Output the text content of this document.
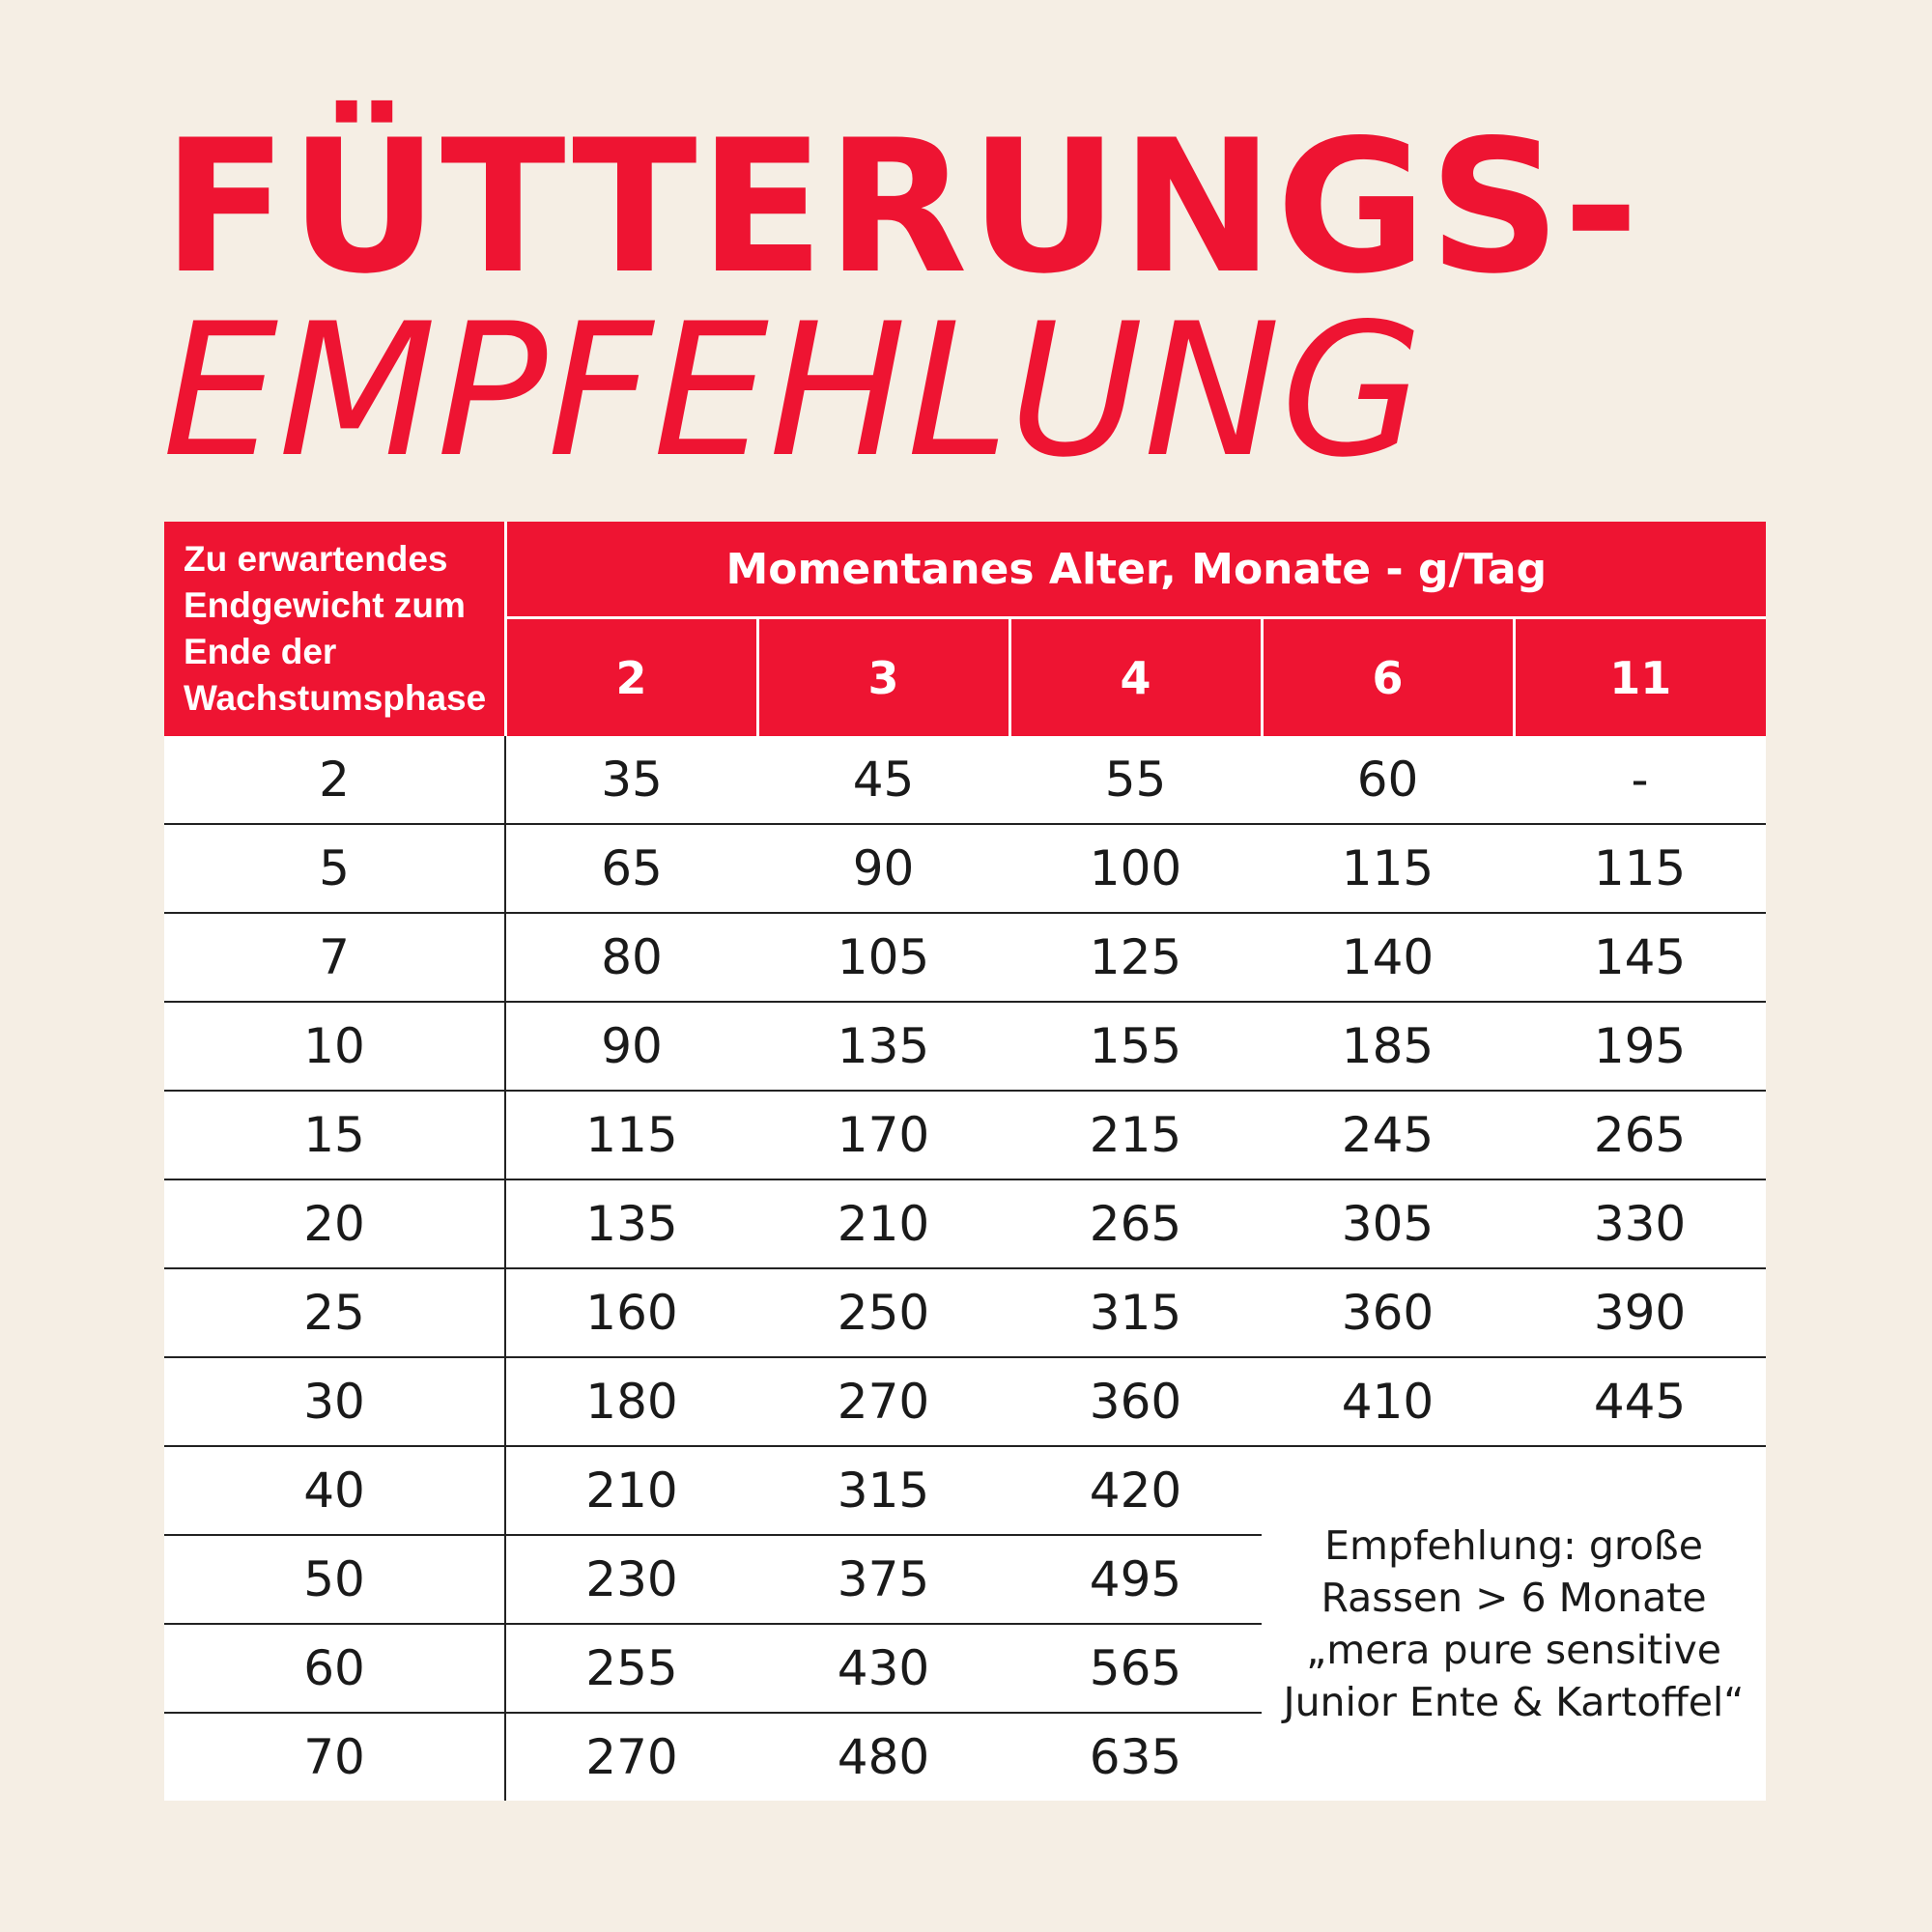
FÜTTERUNGS-
EMPFEHLUNG
Zu erwartendes Endgewicht zum Ende der Wachstumsphase	Momentanes Alter, Monate - g/Tag				
	2	3	4	6	11
2	35	45	55	60	-
5	65	90	100	115	115
7	80	105	125	140	145
10	90	135	155	185	195
15	115	170	215	245	265
20	135	210	265	305	330
25	160	250	315	360	390
30	180	270	360	410	445
40	210	315	420	Empfehlung: große Rassen > 6 Monate „mera pure sensitive Junior Ente & Kartoffel“	
50	230	375	495		
60	255	430	565		
70	270	480	635		
